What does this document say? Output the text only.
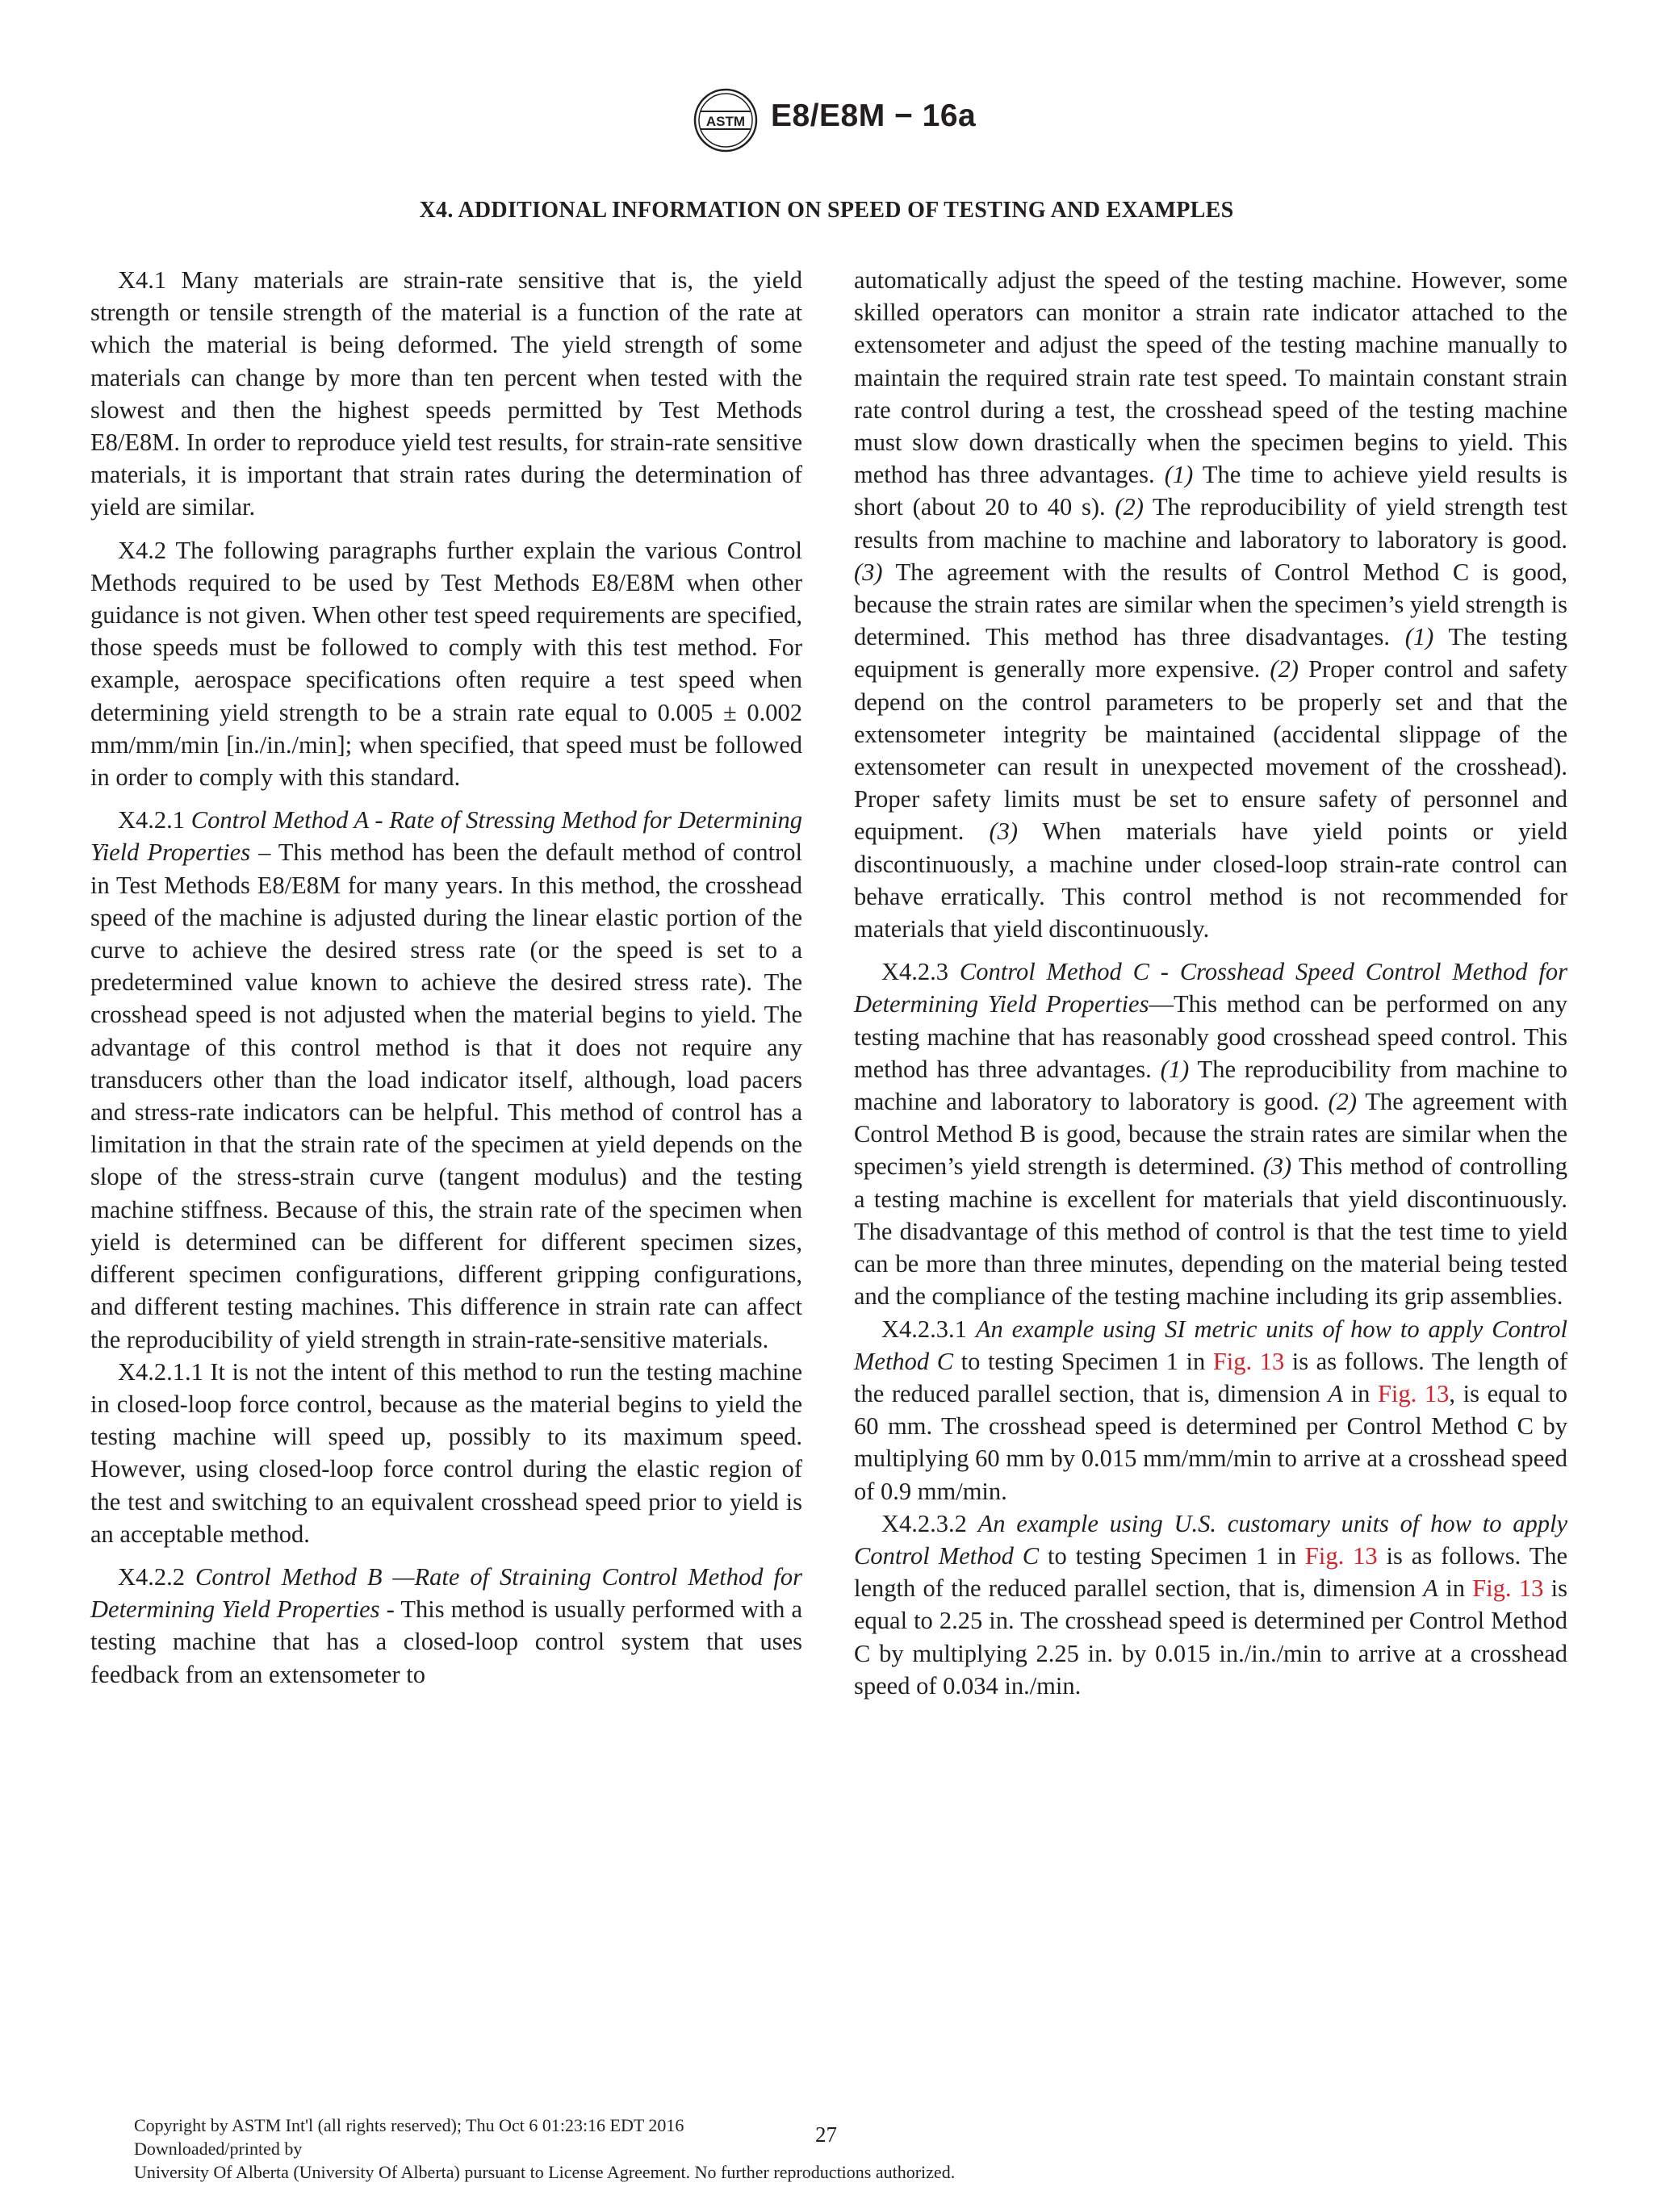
ASTM E8/E8M − 16a
X4. ADDITIONAL INFORMATION ON SPEED OF TESTING AND EXAMPLES

X4.1 Many materials are strain-rate sensitive that is, the yield strength or tensile strength of the material is a function of the rate at which the material is being deformed. The yield strength of some materials can change by more than ten percent when tested with the slowest and then the highest speeds permitted by Test Methods E8/E8M. In order to reproduce yield test results, for strain-rate sensitive materials, it is important that strain rates during the determination of yield are similar.

X4.2 The following paragraphs further explain the various Control Methods required to be used by Test Methods E8/E8M when other guidance is not given. When other test speed requirements are specified, those speeds must be followed to comply with this test method. For example, aerospace specifications often require a test speed when determining yield strength to be a strain rate equal to 0.005 ± 0.002 mm/mm/min [in./in./min]; when specified, that speed must be followed in order to comply with this standard.

X4.2.1 Control Method A - Rate of Stressing Method for Determining Yield Properties – This method has been the default method of control in Test Methods E8/E8M for many years. In this method, the crosshead speed of the machine is adjusted during the linear elastic portion of the curve to achieve the desired stress rate (or the speed is set to a predetermined value known to achieve the desired stress rate). The crosshead speed is not adjusted when the material begins to yield. The advantage of this control method is that it does not require any transducers other than the load indicator itself, although, load pacers and stress-rate indicators can be helpful. This method of control has a limitation in that the strain rate of the specimen at yield depends on the slope of the stress-strain curve (tangent modulus) and the testing machine stiffness. Because of this, the strain rate of the specimen when yield is determined can be different for different specimen sizes, different specimen configurations, different gripping configurations, and different testing machines. This difference in strain rate can affect the reproducibility of yield strength in strain-rate-sensitive materials.

X4.2.1.1 It is not the intent of this method to run the testing machine in closed-loop force control, because as the material begins to yield the testing machine will speed up, possibly to its maximum speed. However, using closed-loop force control during the elastic region of the test and switching to an equivalent crosshead speed prior to yield is an acceptable method.

X4.2.2 Control Method B —Rate of Straining Control Method for Determining Yield Properties - This method is usually performed with a testing machine that has a closed-loop control system that uses feedback from an extensometer to

automatically adjust the speed of the testing machine. However, some skilled operators can monitor a strain rate indicator attached to the extensometer and adjust the speed of the testing machine manually to maintain the required strain rate test speed. To maintain constant strain rate control during a test, the crosshead speed of the testing machine must slow down drastically when the specimen begins to yield. This method has three advantages. (1) The time to achieve yield results is short (about 20 to 40 s). (2) The reproducibility of yield strength test results from machine to machine and laboratory to laboratory is good. (3) The agreement with the results of Control Method C is good, because the strain rates are similar when the specimen’s yield strength is determined. This method has three disadvantages. (1) The testing equipment is generally more expensive. (2) Proper control and safety depend on the control parameters to be properly set and that the extensometer integrity be maintained (accidental slippage of the extensometer can result in unexpected movement of the crosshead). Proper safety limits must be set to ensure safety of personnel and equipment. (3) When materials have yield points or yield discontinuously, a machine under closed-loop strain-rate control can behave erratically. This control method is not recommended for materials that yield discontinuously.

X4.2.3 Control Method C - Crosshead Speed Control Method for Determining Yield Properties—This method can be performed on any testing machine that has reasonably good crosshead speed control. This method has three advantages. (1) The reproducibility from machine to machine and laboratory to laboratory is good. (2) The agreement with Control Method B is good, because the strain rates are similar when the specimen’s yield strength is determined. (3) This method of controlling a testing machine is excellent for materials that yield discontinuously. The disadvantage of this method of control is that the test time to yield can be more than three minutes, depending on the material being tested and the compliance of the testing machine including its grip assemblies.

X4.2.3.1 An example using SI metric units of how to apply Control Method C to testing Specimen 1 in Fig. 13 is as follows. The length of the reduced parallel section, that is, dimension A in Fig. 13, is equal to 60 mm. The crosshead speed is determined per Control Method C by multiplying 60 mm by 0.015 mm/mm/min to arrive at a crosshead speed of 0.9 mm/min.

X4.2.3.2 An example using U.S. customary units of how to apply Control Method C to testing Specimen 1 in Fig. 13 is as follows. The length of the reduced parallel section, that is, dimension A in Fig. 13 is equal to 2.25 in. The crosshead speed is determined per Control Method C by multiplying 2.25 in. by 0.015 in./in./min to arrive at a crosshead speed of 0.034 in./min.

Copyright by ASTM Int'l (all rights reserved); Thu Oct 6 01:23:16 EDT 2016
Downloaded/printed by
University Of Alberta (University Of Alberta) pursuant to License Agreement. No further reproductions authorized.
27
